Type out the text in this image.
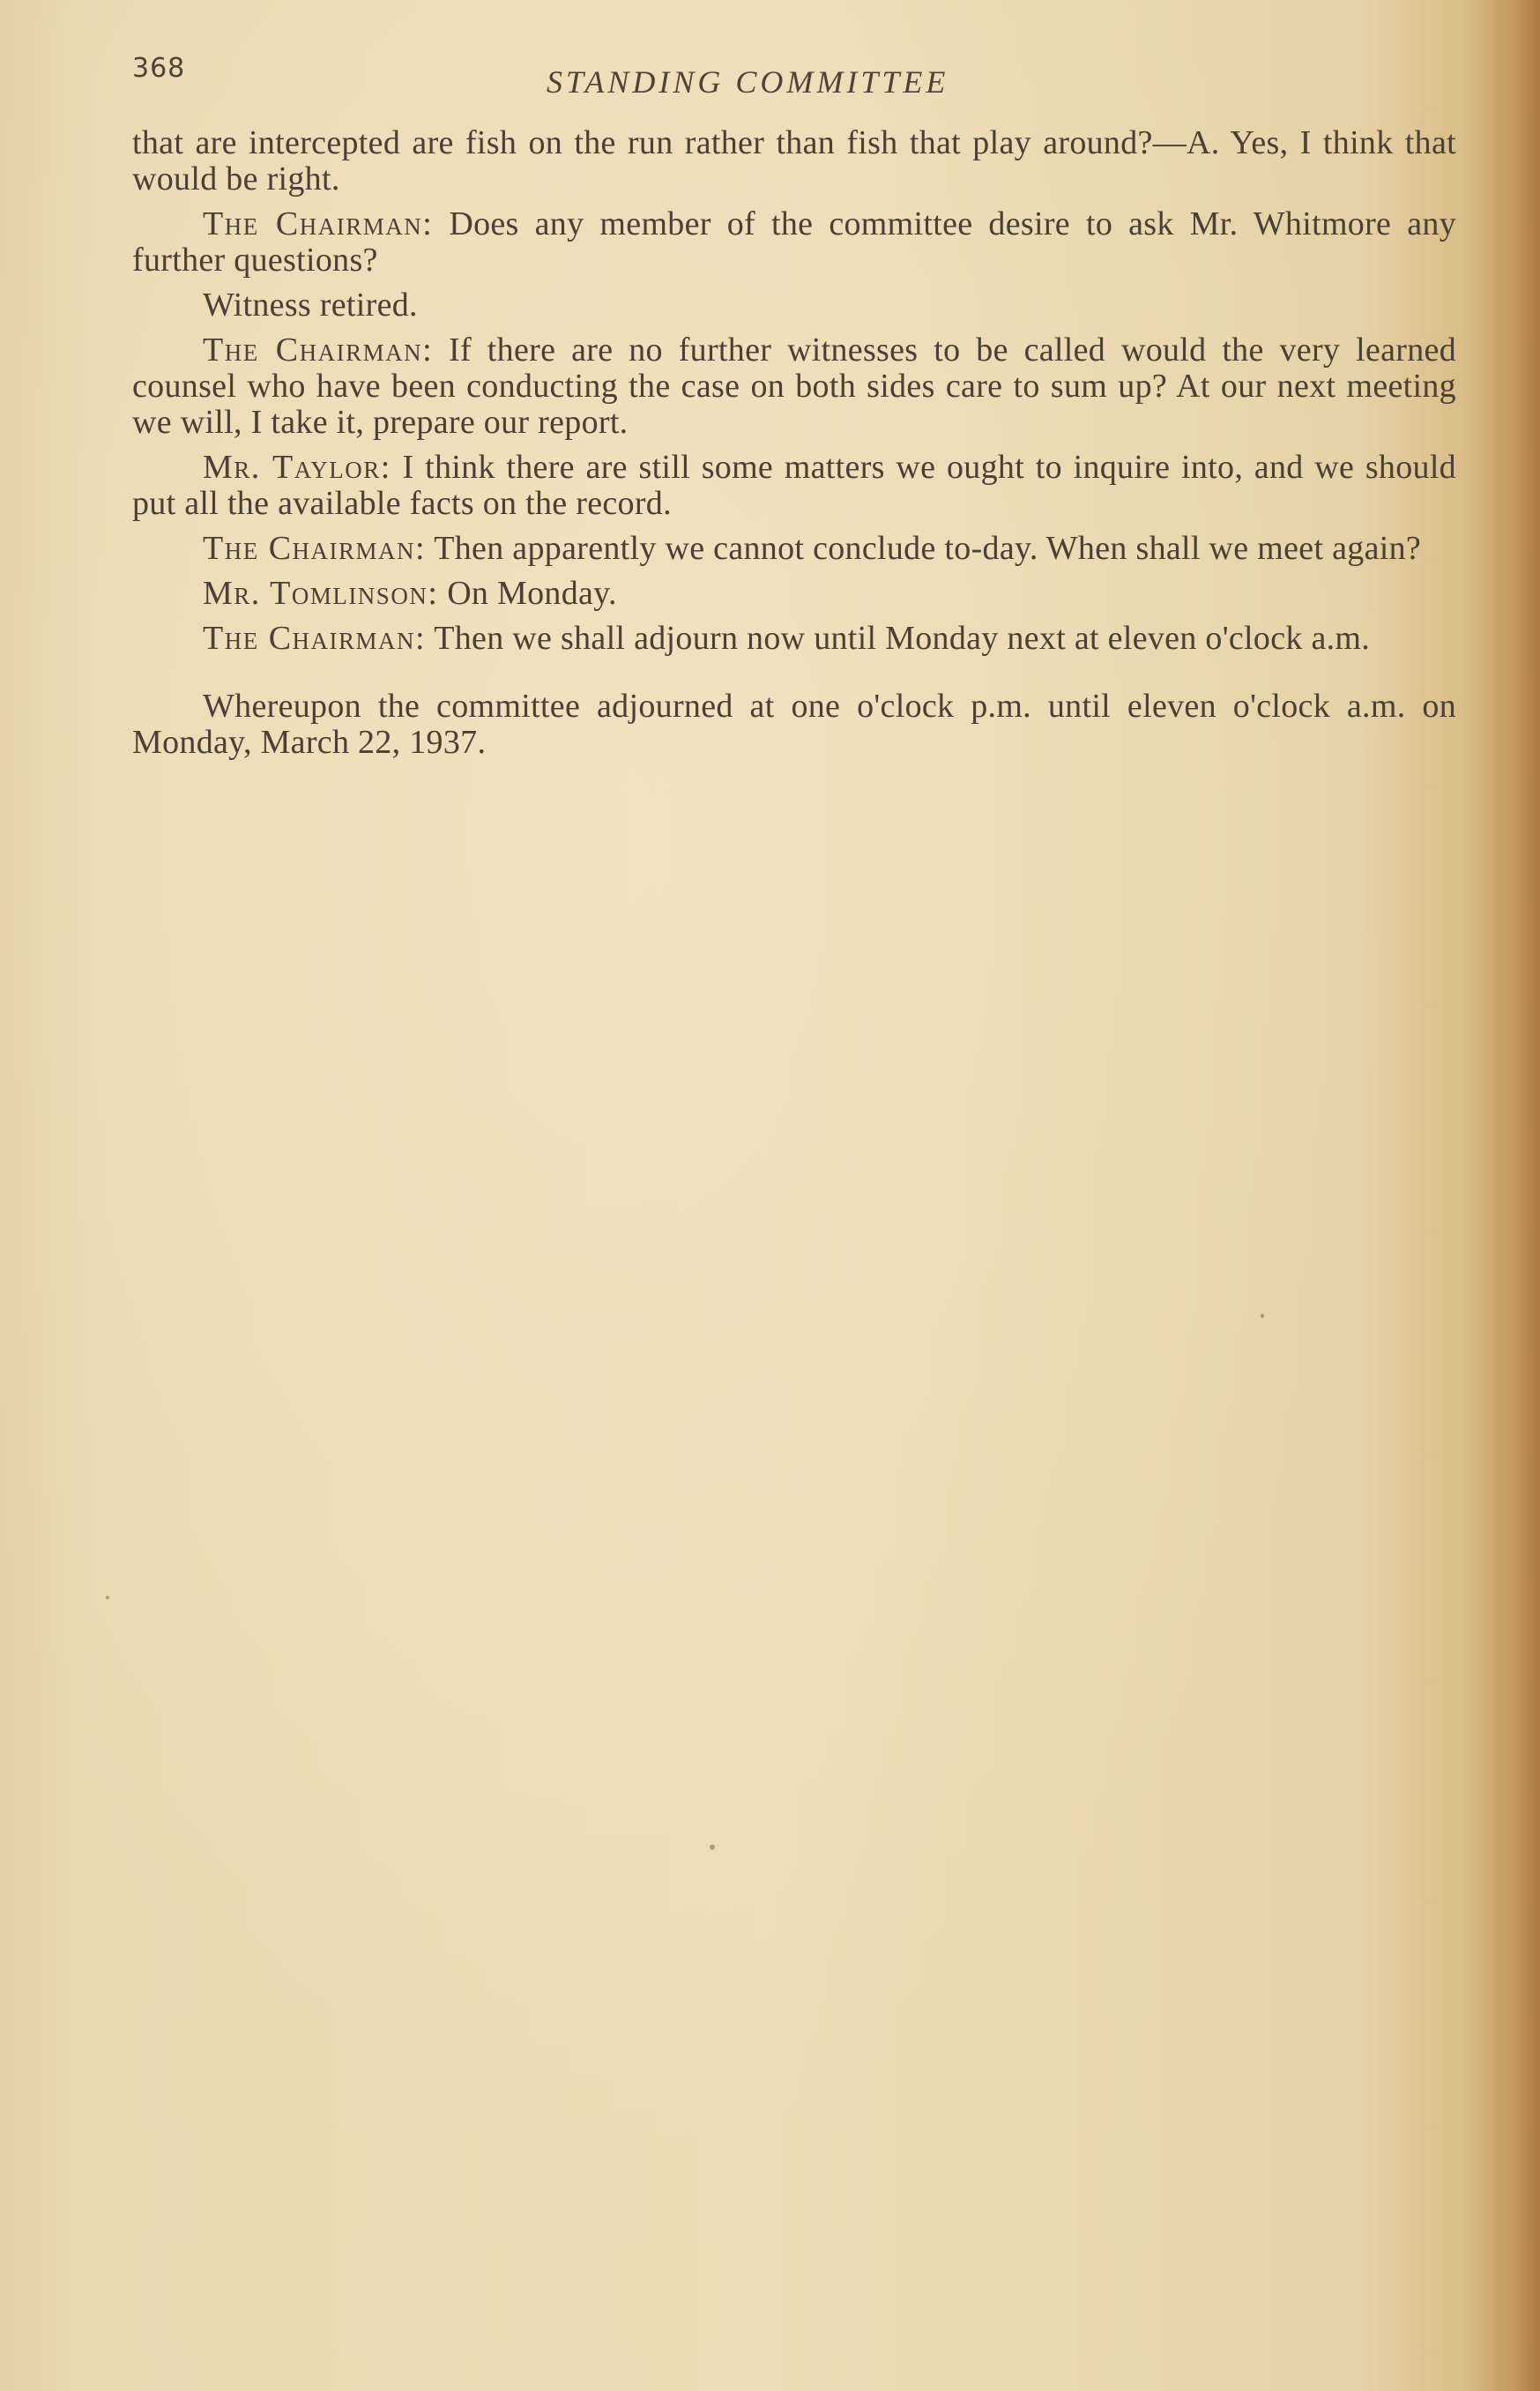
368	STANDING COMMITTEE

that are intercepted are fish on the run rather than fish that play around?—A. Yes, I think that would be right.

The Chairman: Does any member of the committee desire to ask Mr. Whitmore any further questions?

Witness retired.

The Chairman: If there are no further witnesses to be called would the very learned counsel who have been conducting the case on both sides care to sum up? At our next meeting we will, I take it, prepare our report.

Mr. Taylor: I think there are still some matters we ought to inquire into, and we should put all the available facts on the record.

The Chairman: Then apparently we cannot conclude to-day. When shall we meet again?

Mr. Tomlinson: On Monday.

The Chairman: Then we shall adjourn now until Monday next at eleven o'clock a.m.

Whereupon the committee adjourned at one o'clock p.m. until eleven o'clock a.m. on Monday, March 22, 1937.
